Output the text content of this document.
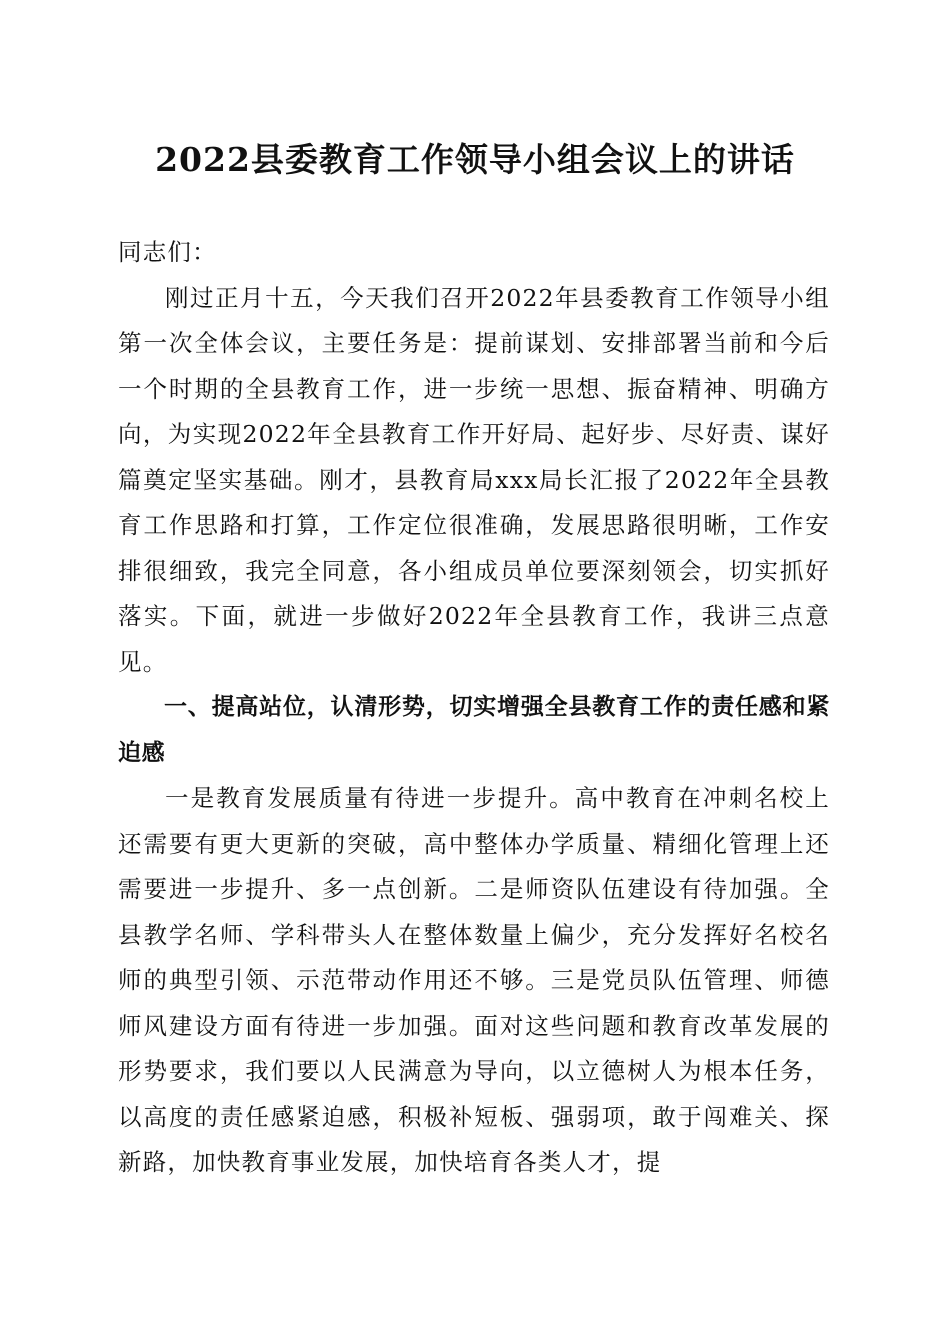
2022县委教育工作领导小组会议上的讲话

同志们：

刚过正月十五，今天我们召开2022年县委教育工作领导小组第一次全体会议，主要任务是：提前谋划、安排部署当前和今后一个时期的全县教育工作，进一步统一思想、振奋精神、明确方向，为实现2022年全县教育工作开好局、起好步、尽好责、谋好篇奠定坚实基础。刚才，县教育局xxx局长汇报了2022年全县教育工作思路和打算，工作定位很准确，发展思路很明晰，工作安排很细致，我完全同意，各小组成员单位要深刻领会，切实抓好落实。下面，就进一步做好2022年全县教育工作，我讲三点意见。

一、提高站位，认清形势，切实增强全县教育工作的责任感和紧迫感

一是教育发展质量有待进一步提升。高中教育在冲刺名校上还需要有更大更新的突破，高中整体办学质量、精细化管理上还需要进一步提升、多一点创新。二是师资队伍建设有待加强。全县教学名师、学科带头人在整体数量上偏少，充分发挥好名校名师的典型引领、示范带动作用还不够。三是党员队伍管理、师德师风建设方面有待进一步加强。面对这些问题和教育改革发展的形势要求，我们要以人民满意为导向，以立德树人为根本任务，以高度的责任感紧迫感，积极补短板、强弱项，敢于闯难关、探新路，加快教育事业发展，加快培育各类人才，提
